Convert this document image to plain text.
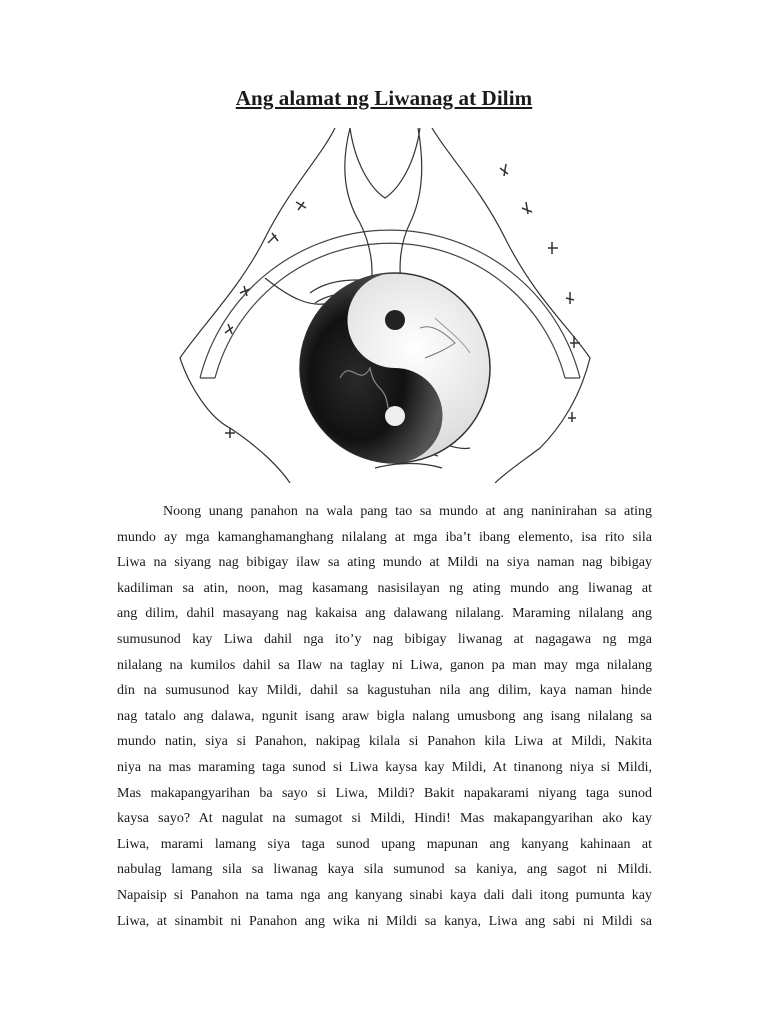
Ang alamat ng Liwanag at Dilim
Noong unang panahon na wala pang tao sa mundo at ang naninirahan sa ating
mundo ay mga kamanghamanghang nilalang at mga iba’t ibang elemento, isa rito sila
Liwa na siyang nag bibigay ilaw sa ating mundo at Mildi na siya naman nag bibigay
kadiliman sa atin, noon, mag kasamang nasisilayan ng ating mundo ang liwanag at
ang dilim, dahil masayang nag kakaisa ang dalawang nilalang. Maraming nilalang ang
sumusunod kay Liwa dahil nga ito’y nag bibigay liwanag at nagagawa ng mga
nilalang na kumilos dahil sa Ilaw na taglay ni Liwa, ganon pa man may mga nilalang
din na sumusunod kay Mildi, dahil sa kagustuhan nila ang dilim, kaya naman hinde
nag tatalo ang dalawa, ngunit isang araw bigla nalang umusbong ang isang nilalang sa
mundo natin, siya si Panahon, nakipag kilala si Panahon kila Liwa at Mildi, Nakita
niya na mas maraming taga sunod si Liwa kaysa kay Mildi, At tinanong niya si Mildi,
Mas makapangyarihan ba sayo si Liwa, Mildi? Bakit napakarami niyang taga sunod
kaysa sayo? At nagulat na sumagot si Mildi, Hindi! Mas makapangyarihan ako kay
Liwa, marami lamang siya taga sunod upang mapunan ang kanyang kahinaan at
nabulag lamang sila sa liwanag kaya sila sumunod sa kaniya, ang sagot ni Mildi.
Napaisip si Panahon na tama nga ang kanyang sinabi kaya dali dali itong pumunta kay
Liwa, at sinambit ni Panahon ang wika ni Mildi sa kanya, Liwa ang sabi ni Mildi sa
